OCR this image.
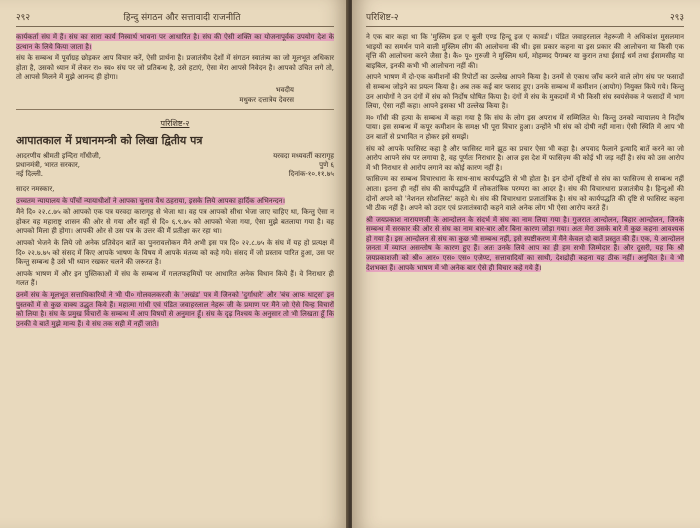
२९२	हिन्दु संगठन और सत्तावादी राजनीति

कार्यकर्ता संघ में हैं। संघ का सारा कार्य निस्वार्थ भावना पर आधारित है। संघ की ऐसी शक्ति का योजनापूर्वक उपयोग देश के उत्थान के लिये किया जाता है।

संघ के सम्बन्ध में पूर्वाग्रह छोड़कर आप विचार करें, ऐसी प्रार्थना है। प्रजातंत्रीय देशों में संगठन स्वातंत्र्य का जो मूलभूत अधिकार होता है, उसको ध्यान में लेकर रा० स्व० संघ पर जो प्रतिबन्ध है, उसे हटाएं, ऐसा मेरा आपसे निवेदन है। आपको उचित लगे तो, तो आपसे मिलने में मुझे आनन्द ही होगा।

भवदीय
मधुकर दत्तात्रेय देवरस
परिशिष्ट-२
आपातकाल में प्रधानमन्त्री को लिखा द्वितीय पत्र
आदरणीय श्रीमती इन्दिरा गाँधीजी,
प्रधानमंत्री, भारत सरकार,
नई दिल्ली.
यरवदा मध्यवर्ती कारागृह
पुणे ६
दिनांक-१०.११.७५

सादर नमस्कार,

उच्चतम न्यायालय के पाँचों न्यायाधीशों ने आपका चुनाव वैध ठहराया, इसके लिये आपका हार्दिक अभिनन्दन।

मैंने दि० २२.८.७५ को आपको एक पत्र यरवदा कारागृह से भेजा था। वह पत्र आपको सीधा भेजा जाए चाहिए था, किन्तु ऐसा न होकर वह महाराष्ट्र शासन की ओर से गया और वहाँ से दि० ६.९.७५ को आपको भेजा गया, ऐसा मुझे बतलाया गया है। वह आपको मिला ही होगा। आपकी ओर से उस पत्र के उत्तर की मैं प्रतीक्षा कर रहा था।

आपको भेजने के लिये जो अनेक प्रतिवेदन बातें का पुनरावलोकन मैंने अभी इस पत्र दि० २२.८.७५ के संघ में यह हो प्रत्यक्ष में दि० २२.७.७५ को संसद में किए आपके भाषण के विषय में आपके मंतव्य को कहे गये। संसद में जो प्रस्ताव पारित हुआ, उस पर किन्तु सम्बन्ध है उसे भी ध्यान रखकर चलने की जरूरत है।

आपके भाषण में और इन पुस्तिकाओं में संघ के सम्बन्ध में गलतफहमियों पर आधारित अनेक विधान किये हैं। वे निराधार ही गलत हैं।

उनमें संघ के मूलभूत सत्ताधिकारियों ने भी पी० गोलवलकरजी के 'अखंड' पत्र में जिनको 'दुर्गाधारे' और 'बंच आफ थाट्स' इन पुस्तकों में से कुछ वाक्य उद्धृत किये हैं। महात्मा गांधी एवं पंडित जवाहरलाल नेहरू जी के प्रमाण पर मैंने जो ऐसे चिन्ह विचारों को लिया है। संघ के प्रमुख विचारों के सम्बन्ध में आप विषयों से अनुमान हूँ। संघ के दृढ़ निश्चय के अनुसार तो भी लिखता हूँ कि उनकी वे बातें मुझे मान्य हैं। वे संघ तक सही में नहीं जाते।

परिशिष्ट-२	२९३

ने एक बार कहा था कि 'मुस्लिम इज ए बुली एण्ड हिन्दू इज ए कावर्ड'। पंडित जवाहरलाल नेहरूजी ने अधिकांश मुसलमान भाइयों का समर्थन पाने वाली मुस्लिम लीग की आलोचना की थी। इस प्रकार कहना या इस प्रकार की आलोचना या किसी एक वृत्ति की आलोचना करने जैसा है। कै० पू० गुरुजी ने मुस्लिम धर्म, मोहम्मद पैगम्बर या कुरान तथा ईसाई धर्म तथा ईसामसीह या बाइबिल, इनकी कभी भी आलोचना नहीं की।

आपने भाषण में दो-एक कमीशनों की रिपोर्टों का उल्लेख आपने किया है। उनमें से एकाध जाँच करने वाले लोग संघ पर फसादों से सम्बन्ध जोड़ने का प्रयत्न किया है। अब तक कई बार फसाद हुए। उनके सम्बन्ध में कमीशन (आयोग) नियुक्त किये गये। किन्तु उन आयोगों ने उन दंगों में संघ को निर्दोष घोषित किया है। दंगों में संघ के मुकदमों में भी किसी संघ स्वयंसेवक ने फसादों में भाग लिया, ऐसा नहीं कहा। आपने इसका भी उल्लेख किया है।

म० गाँधी की हत्या के सम्बन्ध में कहा गया है कि संघ के लोग इस अपराध में सम्मिलित थे। किन्तु उनको न्यायालय ने निर्दोष पाया। इस सम्बन्ध में कपूर कमीशन के समक्ष भी पूरा विचार हुआ। उन्होंने भी संघ को दोषी नहीं माना। ऐसी स्थिति में आप भी उन बातों से प्रभावित न होकर इसे समझें।

संघ को आपके फासिस्ट कहा है और फासिस्ट माने झूठ का प्रचार ऐसा भी कहा है। अपवाद फैलाने इत्यादि बातें करने का जो आरोप आपने संघ पर लगाया है, वह पूर्णतः निराधार है। आज इस देश में फासिज़्म की कोई भी जड़ नहीं है। संघ को उस आरोप में भी निराधार से आरोप लगाने का कोई कारण नहीं है।

फासिज्म का सम्बन्ध विचारधारा के साथ-साथ कार्यपद्धति से भी होता है। इन दोनों दृष्टियों से संघ का फासिज्म से सम्बन्ध नहीं आता। इतना ही नहीं संघ की कार्यपद्धति में लोकतांत्रिक परम्परा का आदर है। संघ की विचारधारा प्रजातंत्रीय है। हिन्दुओं की दोनों अपने को 'नेशनल सोशलिस्ट' कहते थे। संघ की विचारधारा प्रजातांत्रिक है। संघ को कार्यपद्धति की दृष्टि से फासिस्ट कहना भी ठीक नहीं है। अपने को उदार एवं प्रजातंत्रवादी कहने वाले अनेक लोग भी ऐसा आरोप करते हैं।

श्री जयप्रकाश नारायणजी के आन्दोलन के संदर्भ में संघ का नाम लिया गया है। गुजरात आन्दोलन, बिहार आन्दोलन, जिनके सम्बन्ध में सरकार की ओर से संघ का नाम बार-बार और बिना कारण जोड़ा गया। अतः मेरा उसके बारे में कुछ कहना आवश्यक हो गया है। इस आन्दोलन से संघ का कुछ भी सम्बन्ध नहीं, इसे स्पष्टीकरण में मैंने केवल दो बातें प्रस्तुत की हैं। एक, ये आन्दोलन जनता में व्याप्त असन्तोष के कारण हुए हैं। अतः उनके लिये आप का ही हम सभी जिम्मेदार हैं। और दूसरी, यह कि श्री जयप्रकाशजी को श्री० आर० एस० एस० एजेण्ट, सत्तावादियों का साथी, देशद्रोही कहना यह ठीक नहीं। अनुचित है। वे भी देशभक्त हैं। आपके भाषण में भी अनेक बार ऐसे ही विचार कहे गये हैं।
